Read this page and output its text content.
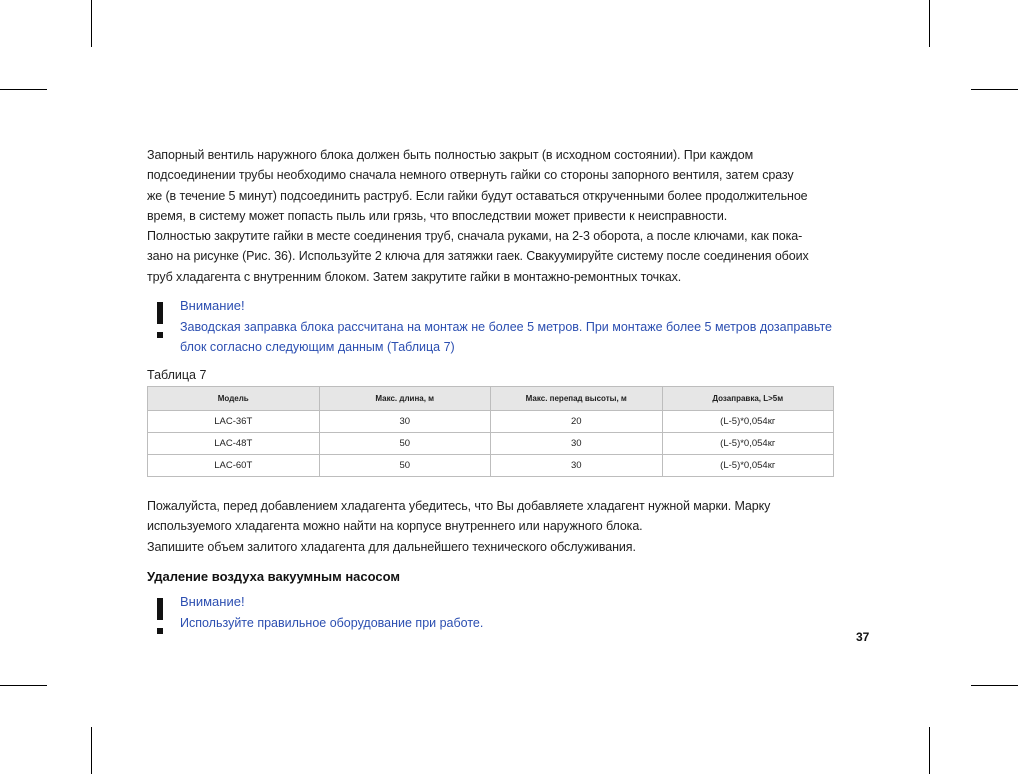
Запорный вентиль наружного блока должен быть полностью закрыт (в исходном состоянии). При каждом

подсоединении трубы необходимо сначала немного отвернуть гайки со стороны запорного вентиля, затем сразу

же (в течение 5 минут) подсоединить раструб. Если гайки будут оставаться открученными более продолжительное

время, в систему может попасть пыль или грязь, что впоследствии может привести к неисправности.

Полностью закрутите гайки в месте соединения труб, сначала руками, на 2-3 оборота, а после ключами, как пока-

зано на рисунке (Рис. 36). Используйте 2 ключа для затяжки гаек. Свакуумируйте систему после соединения обоих

труб хладагента с внутренним блоком. Затем закрутите гайки в монтажно-ремонтных точках.

Внимание!
Заводская заправка блока рассчитана на монтаж не более 5 метров. При монтаже более 5 метров дозаправьте
блок согласно следующим данным (Таблица 7)
Таблица 7
Модель	Макс. длина, м	Макс. перепад высоты, м	Дозаправка, L>5м
LAC-36T	30	20	(L-5)*0,054кг
LAC-48T	50	30	(L-5)*0,054кг
LAC-60T	50	30	(L-5)*0,054кг

Пожалуйста, перед добавлением хладагента убедитесь, что Вы добавляете хладагент нужной марки. Марку

используемого хладагента можно найти на корпусе внутреннего или наружного блока.

Запишите объем залитого хладагента для дальнейшего технического обслуживания.

Удаление воздуха вакуумным насосом
Внимание!
Используйте правильное оборудование при работе.
37
